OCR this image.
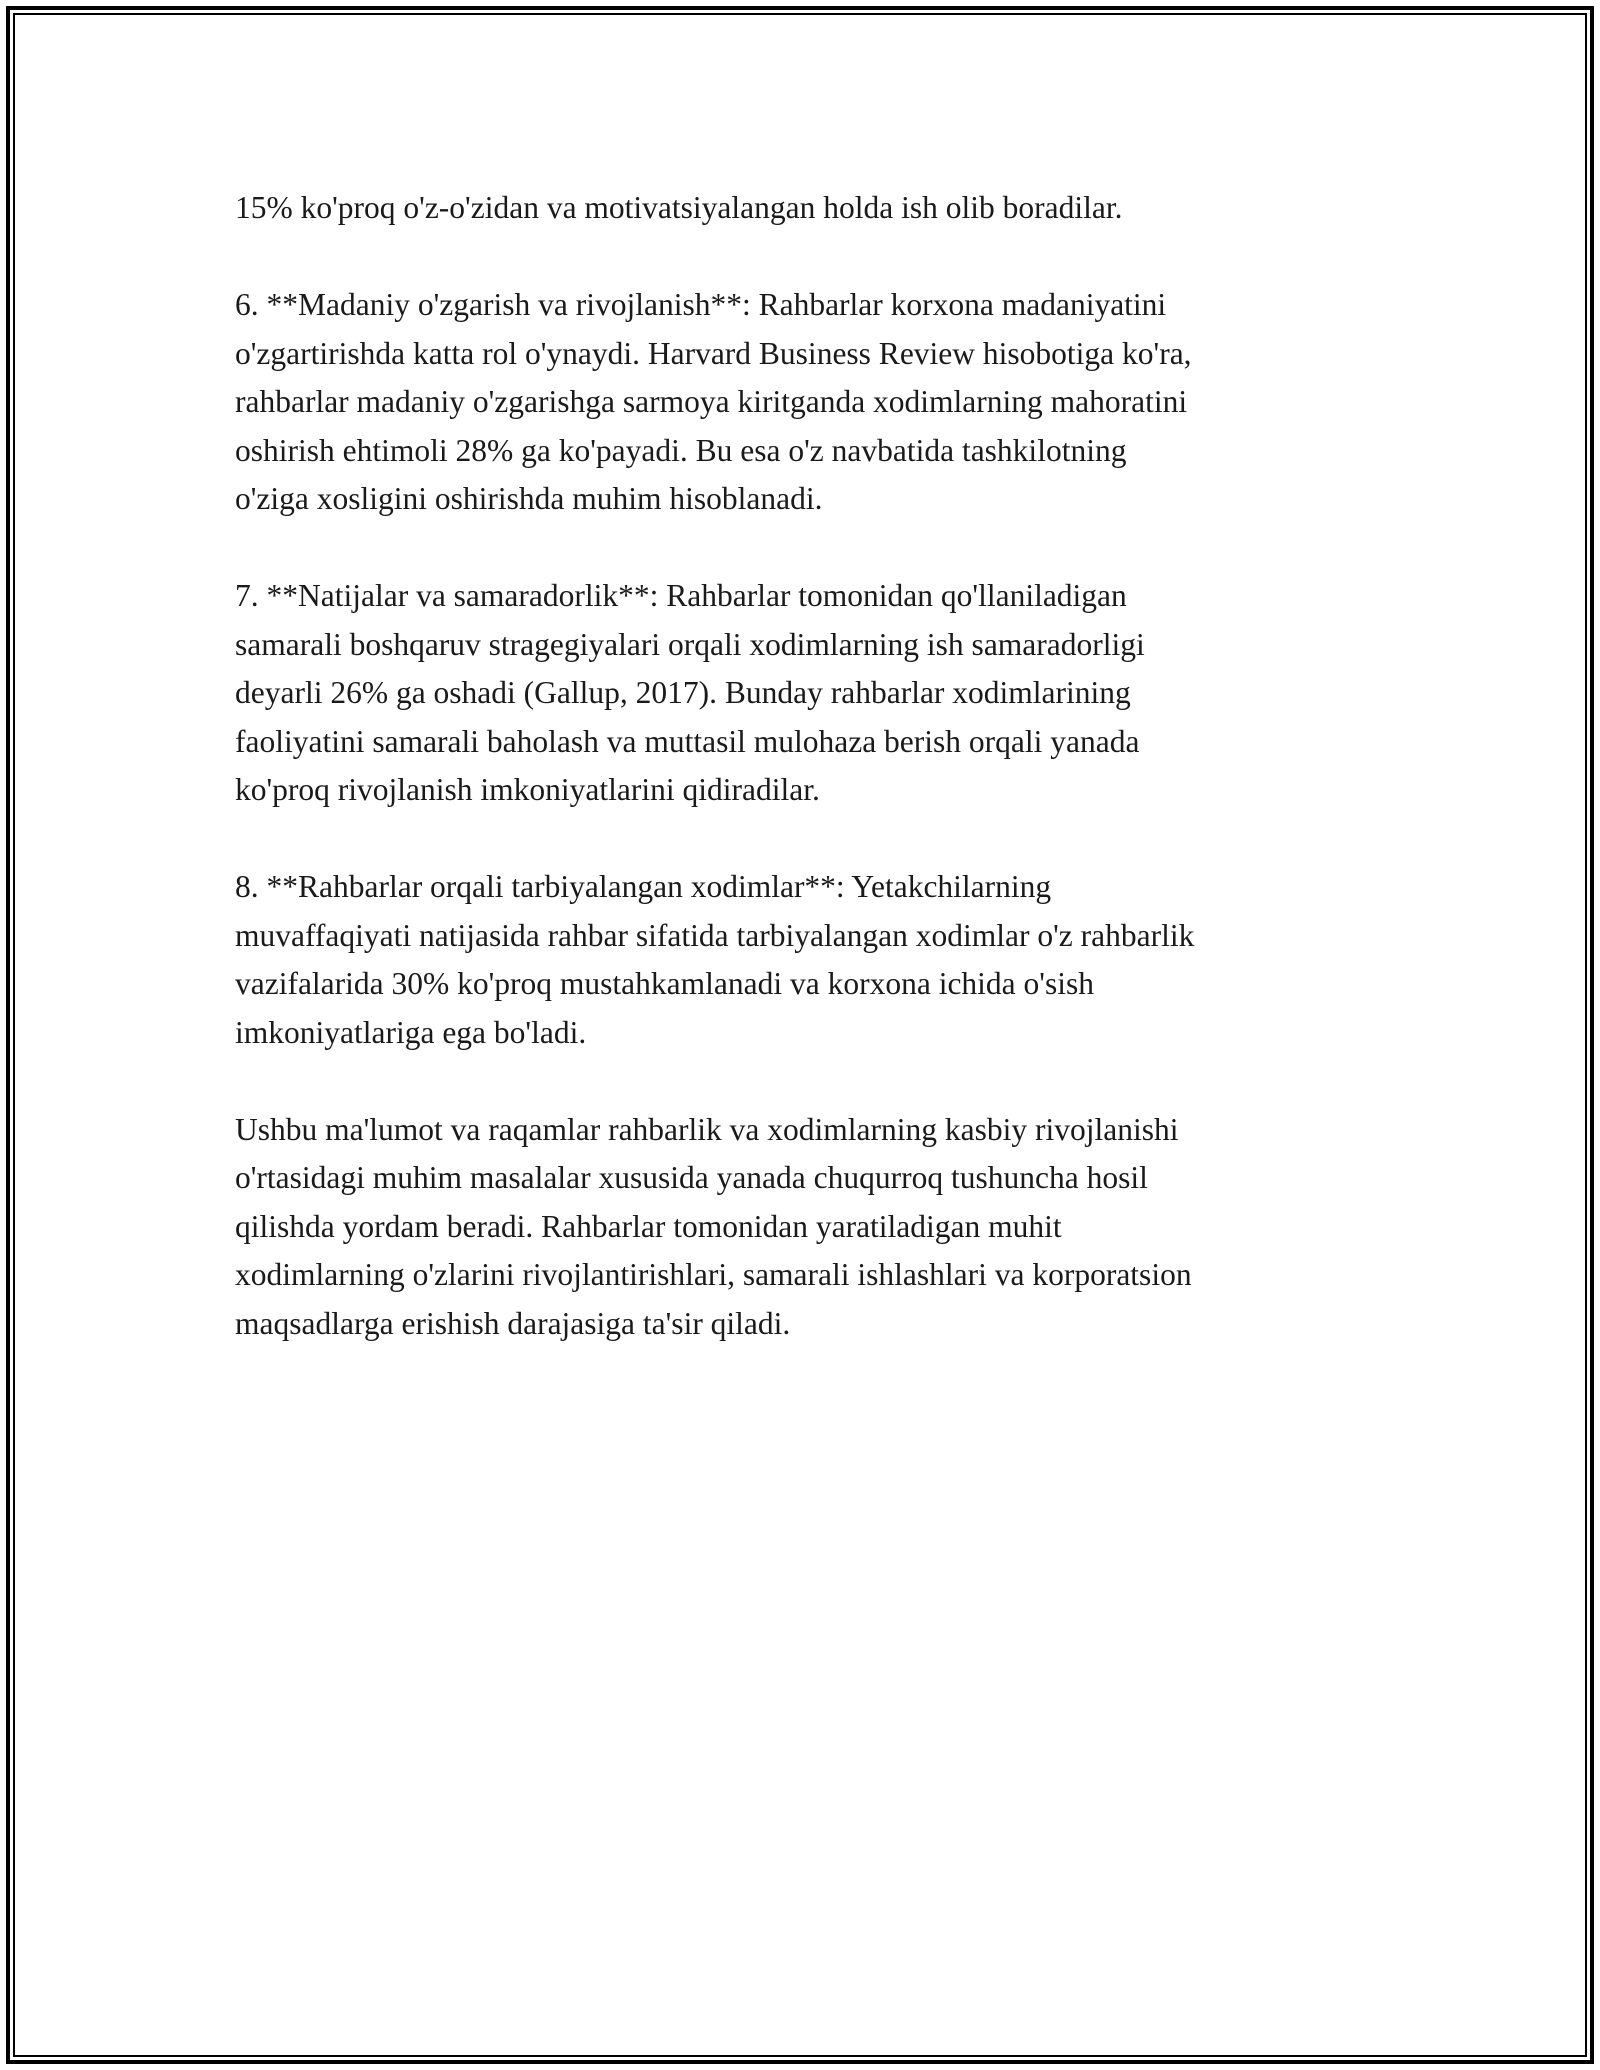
15% ko'proq o'z-o'zidan va motivatsiyalangan holda ish olib boradilar.

6. **Madaniy o'zgarish va rivojlanish**: Rahbarlar korxona madaniyatini
o'zgartirishda katta rol o'ynaydi. Harvard Business Review hisobotiga ko'ra,
rahbarlar madaniy o'zgarishga sarmoya kiritganda xodimlarning mahoratini
oshirish ehtimoli 28% ga ko'payadi. Bu esa o'z navbatida tashkilotning
o'ziga xosligini oshirishda muhim hisoblanadi.

7. **Natijalar va samaradorlik**: Rahbarlar tomonidan qo'llaniladigan
samarali boshqaruv stragegiyalari orqali xodimlarning ish samaradorligi
deyarli 26% ga oshadi (Gallup, 2017). Bunday rahbarlar xodimlarining
faoliyatini samarali baholash va muttasil mulohaza berish orqali yanada
ko'proq rivojlanish imkoniyatlarini qidiradilar.

8. **Rahbarlar orqali tarbiyalangan xodimlar**: Yetakchilarning
muvaffaqiyati natijasida rahbar sifatida tarbiyalangan xodimlar o'z rahbarlik
vazifalarida 30% ko'proq mustahkamlanadi va korxona ichida o'sish
imkoniyatlariga ega bo'ladi.

Ushbu ma'lumot va raqamlar rahbarlik va xodimlarning kasbiy rivojlanishi
o'rtasidagi muhim masalalar xususida yanada chuqurroq tushuncha hosil
qilishda yordam beradi. Rahbarlar tomonidan yaratiladigan muhit
xodimlarning o'zlarini rivojlantirishlari, samarali ishlashlari va korporatsion
maqsadlarga erishish darajasiga ta'sir qiladi.
